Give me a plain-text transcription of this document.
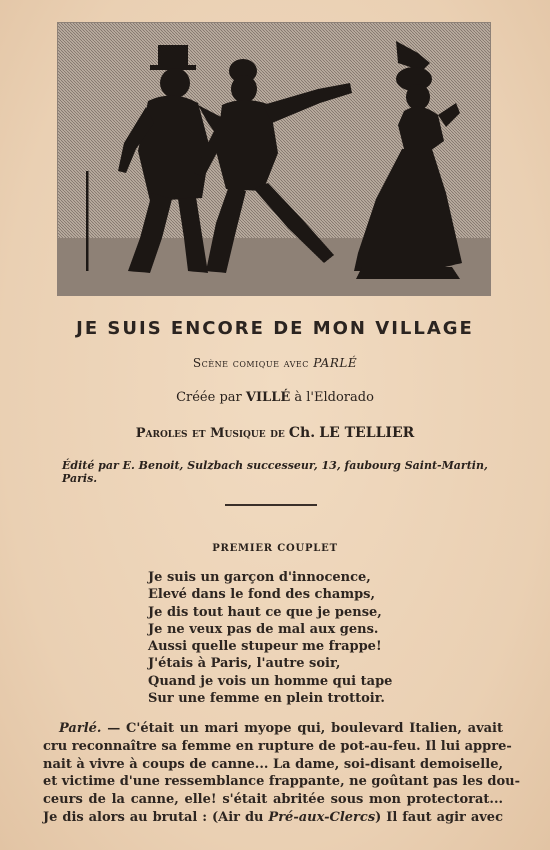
JE SUIS ENCORE DE MON VILLAGE
Scène comique avec PARLÉ
Créée par VILLÉ à l'Eldorado
Paroles et Musique de Ch. LE TELLIER
Édité par E. Benoit, Sulzbach successeur, 13, faubourg Saint-Martin, Paris.
PREMIER COUPLET
Je suis un garçon d'innocence,
Elevé dans le fond des champs,
Je dis tout haut ce que je pense,
Je ne veux pas de mal aux gens.
Aussi quelle stupeur me frappe!
J'étais à Paris, l'autre soir,
Quand je vois un homme qui tape
Sur une femme en plein trottoir.
Parlé. — C'était un mari myope qui, boulevard Italien, avait
cru reconnaître sa femme en rupture de pot-au-feu. Il lui appre-
nait à vivre à coups de canne... La dame, soi-disant demoiselle,
et victime d'une ressemblance frappante, ne goûtant pas les dou-
ceurs de la canne, elle! s'était abritée sous mon protectorat...
Je dis alors au brutal : (Air du Pré-aux-Clercs) Il faut agir avec
